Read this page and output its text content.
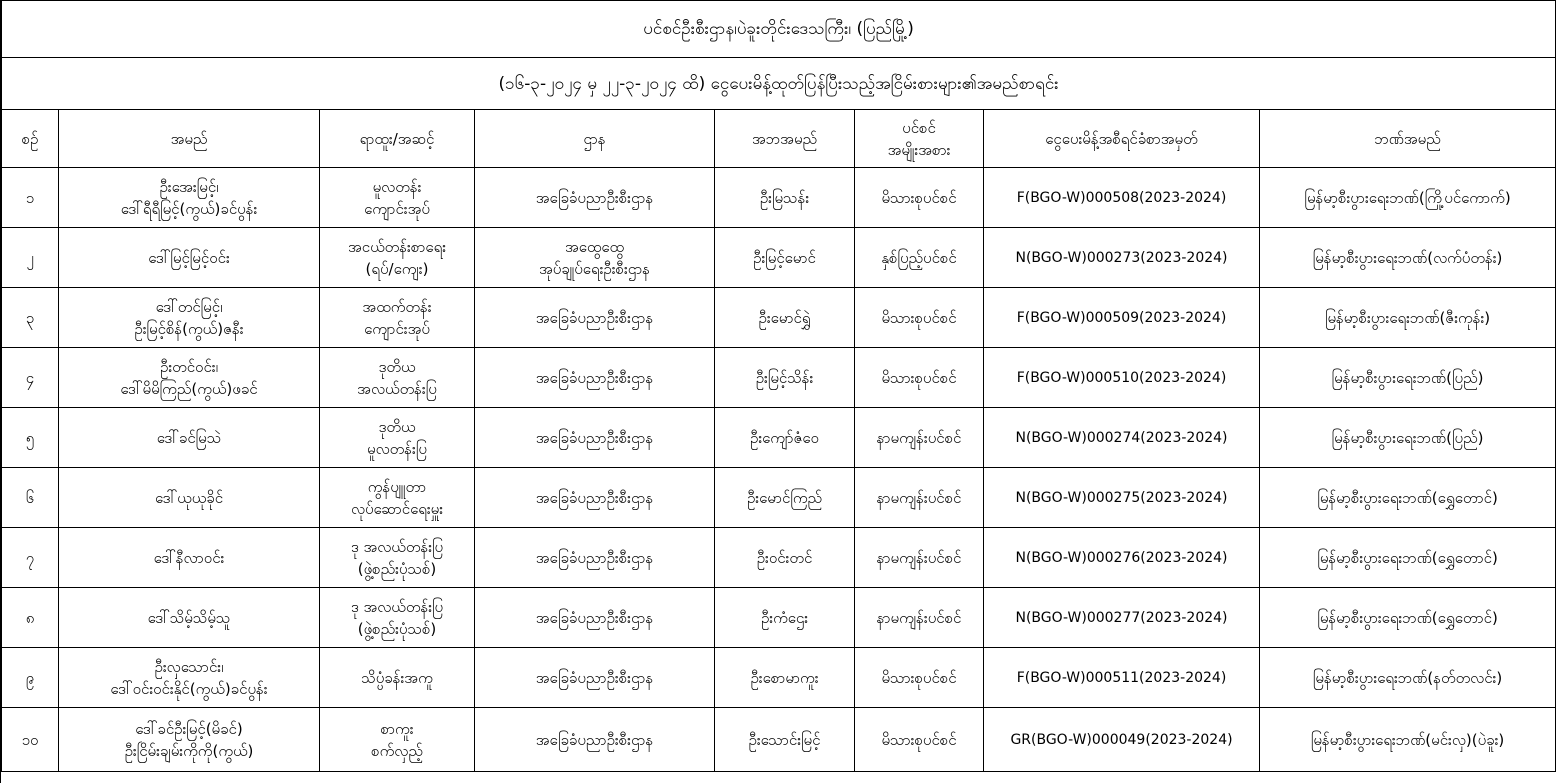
ပင်စင်ဦးစီးဌာန၊ပဲခူးတိုင်းဒေသကြီး၊ (ပြည်မြို့)							
(၁၆-၃-၂၀၂၄ မှ ၂၂-၃-၂၀၂၄ ထိ) ငွေပေးမိန့်ထုတ်ပြန်ပြီးသည့်အငြိမ်းစားများ၏အမည်စာရင်း							
စဉ်	အမည်	ရာထူး/အဆင့်	ဌာန	အဘအမည်	ပင်စင်
အမျိုးအစား	ငွေပေးမိန့်အစီရင်ခံစာအမှတ်	ဘဏ်အမည်
၁	ဦးအေးမြင့်၊
ဒေါ်ရီရီမြင့်(ကွယ်)ခင်ပွန်း	မူလတန်း
ကျောင်းအုပ်	အခြေခံပညာဦးစီးဌာန	ဦးမြသန်း	မိသားစုပင်စင်	F(BGO-W)000508(2023-2024)	မြန်မာ့စီးပွားရေးဘဏ်(ကြို့ပင်ကောက်)
၂	ဒေါ်မြင့်မြင့်ဝင်း	အငယ်တန်းစာရေး
(ရပ်/ကျေး)	အထွေထွေ
အုပ်ချုပ်ရေးဦးစီးဌာန	ဦးမြင့်မောင်	နှစ်ပြည့်ပင်စင်	N(BGO-W)000273(2023-2024)	မြန်မာ့စီးပွားရေးဘဏ်(လက်ပံတန်း)
၃	ဒေါ်တင်မြင့်၊
ဦးမြင့်စိန်(ကွယ်)ဇနီး	အထက်တန်း
ကျောင်းအုပ်	အခြေခံပညာဦးစီးဌာန	ဦးမောင်ရွှဲ	မိသားစုပင်စင်	F(BGO-W)000509(2023-2024)	မြန်မာ့စီးပွားရေးဘဏ်(ဇီးကုန်း)
၄	ဦးတင်ဝင်း၊
ဒေါ်မိမိကြည်(ကွယ်)ဖခင်	ဒုတိယ
အလယ်တန်းပြ	အခြေခံပညာဦးစီးဌာန	ဦးမြင့်သိန်း	မိသားစုပင်စင်	F(BGO-W)000510(2023-2024)	မြန်မာ့စီးပွားရေးဘဏ်(ပြည်)
၅	ဒေါ်ခင်မြသဲ	ဒုတိယ
မူလတန်းပြ	အခြေခံပညာဦးစီးဌာန	ဦးကျော်ဇံဝေ	နာမကျန်းပင်စင်	N(BGO-W)000274(2023-2024)	မြန်မာ့စီးပွားရေးဘဏ်(ပြည်)
၆	ဒေါ်ယုယုခိုင်	ကွန်ပျူတာ
လုပ်ဆောင်ရေးမှူး	အခြေခံပညာဦးစီးဌာန	ဦးမောင်ကြည်	နာမကျန်းပင်စင်	N(BGO-W)000275(2023-2024)	မြန်မာ့စီးပွားရေးဘဏ်(ရွှေတောင်)
၇	ဒေါ်နီလာဝင်း	ဒု အလယ်တန်းပြ
(ဖွဲ့စည်းပုံသစ်)	အခြေခံပညာဦးစီးဌာန	ဦးဝင်းတင်	နာမကျန်းပင်စင်	N(BGO-W)000276(2023-2024)	မြန်မာ့စီးပွားရေးဘဏ်(ရွှေတောင်)
၈	ဒေါ်သိမ့်သိမ့်သူ	ဒု အလယ်တန်းပြ
(ဖွဲ့စည်းပုံသစ်)	အခြေခံပညာဦးစီးဌာန	ဦးကံဌေး	နာမကျန်းပင်စင်	N(BGO-W)000277(2023-2024)	မြန်မာ့စီးပွားရေးဘဏ်(ရွှေတောင်)
၉	ဦးလှသောင်း၊
ဒေါ်ဝင်းဝင်းနိုင်(ကွယ်)ခင်ပွန်း	သိပ္ပံခန်းအကူ	အခြေခံပညာဦးစီးဌာန	ဦးစောမာကူး	မိသားစုပင်စင်	F(BGO-W)000511(2023-2024)	မြန်မာ့စီးပွားရေးဘဏ်(နတ်တလင်း)
၁၀	ဒေါ်ခင်ဦးမြင့်(မိခင်)
ဦးငြိမ်းချမ်းကိုကို(ကွယ်)	စာကူး
စက်လှည့်	အခြေခံပညာဦးစီးဌာန	ဦးသောင်းမြင့်	မိသားစုပင်စင်	GR(BGO-W)000049(2023-2024)	မြန်မာ့စီးပွားရေးဘဏ်(မင်းလှ)(ပဲခူး)
